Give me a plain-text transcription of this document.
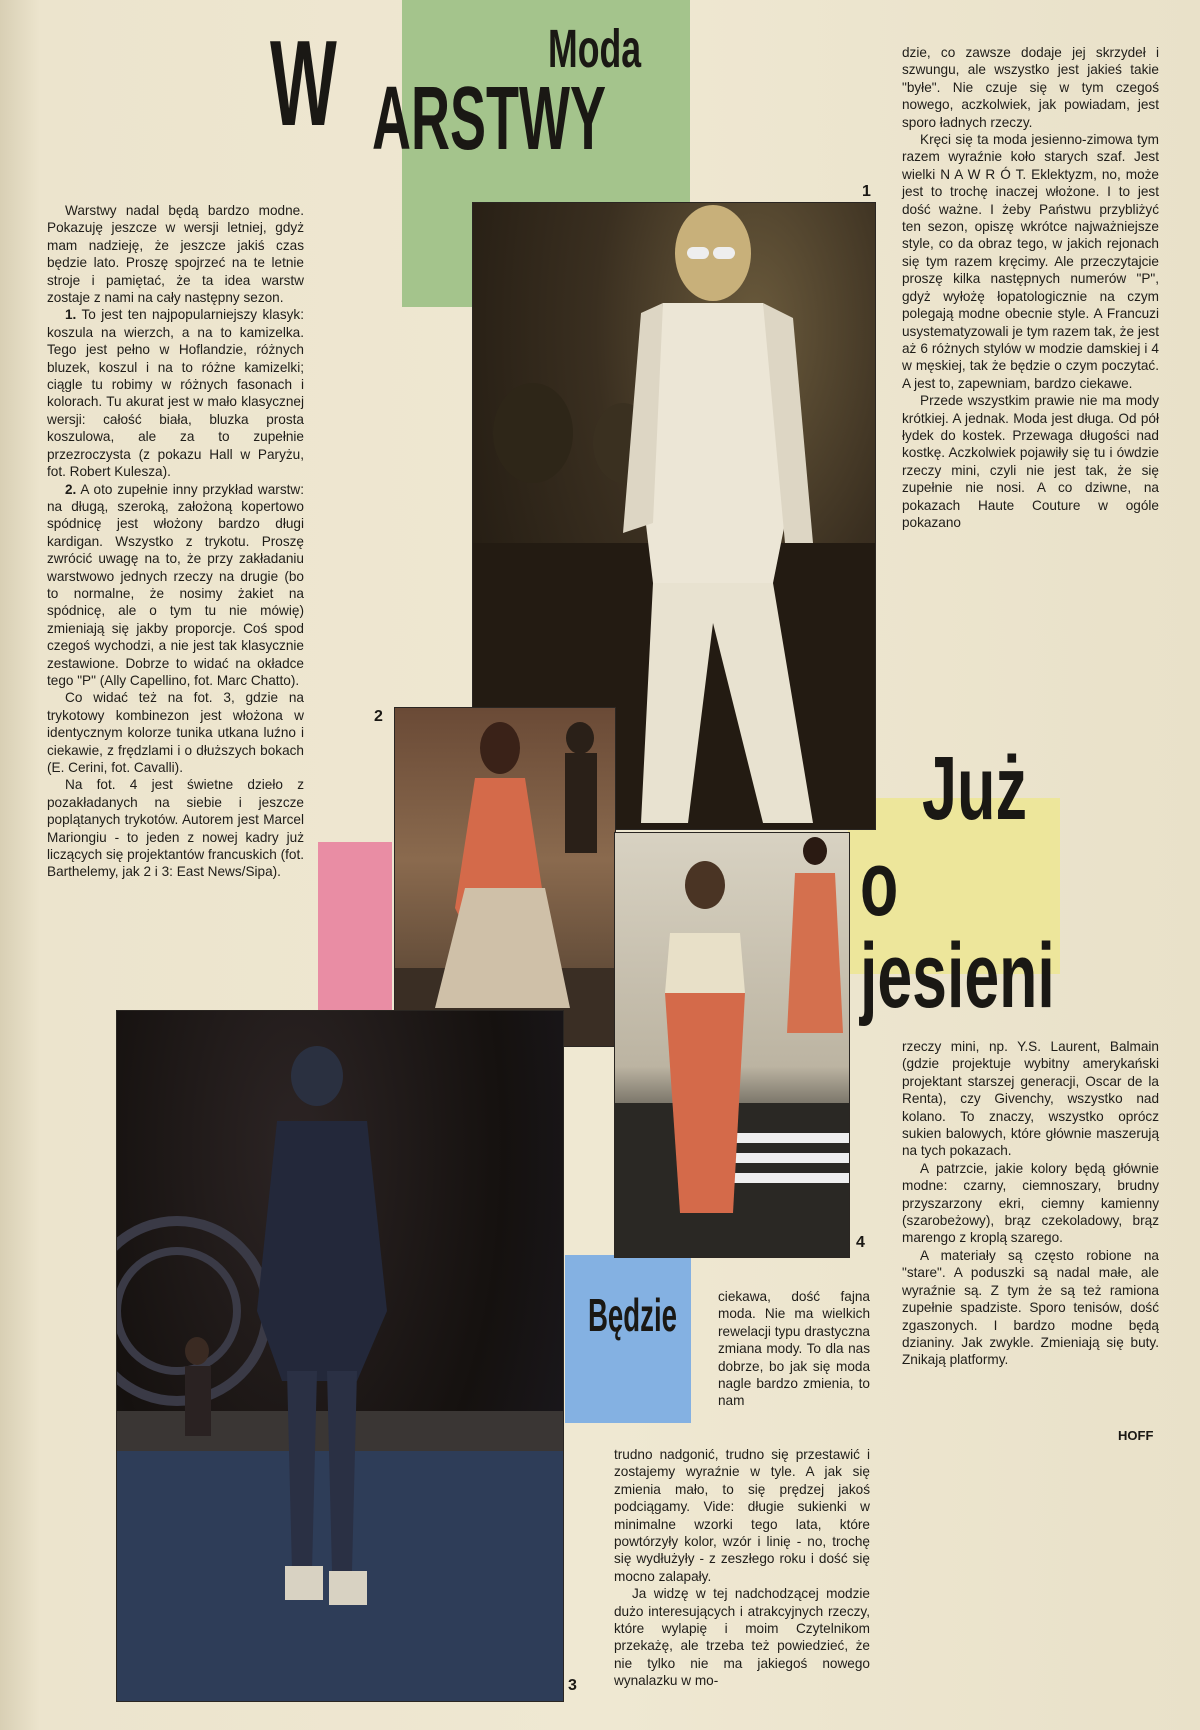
Moda
W ARSTWY

Warstwy nadal będą bardzo modne. Pokazuję jeszcze w wersji letniej, gdyż mam nadzieję, że jeszcze jakiś czas będzie lato. Proszę spojrzeć na te letnie stroje i pamiętać, że ta idea warstw zostaje z nami na cały następny sezon.

1. To jest ten najpopularniejszy klasyk: koszula na wierzch, a na to kamizelka. Tego jest pełno w Hoflandzie, różnych bluzek, koszul i na to różne kamizelki; ciągle tu robimy w różnych fasonach i kolorach. Tu akurat jest w mało klasycznej wersji: całość biała, bluzka prosta koszulowa, ale za to zupełnie przezroczysta (z pokazu Hall w Paryżu, fot. Robert Kulesza).

2. A oto zupełnie inny przykład warstw: na długą, szeroką, założoną kopertowo spódnicę jest włożony bardzo długi kardigan. Wszystko z trykotu. Proszę zwrócić uwagę na to, że przy zakładaniu warstwowo jednych rzeczy na drugie (bo to normalne, że nosimy żakiet na spódnicę, ale o tym tu nie mówię) zmieniają się jakby proporcje. Coś spod czegoś wychodzi, a nie jest tak klasycznie zestawione. Dobrze to widać na okładce tego "P" (Ally Capellino, fot. Marc Chatto).

Co widać też na fot. 3, gdzie na trykotowy kombinezon jest włożona w identycznym kolorze tunika utkana luźno i ciekawie, z frędzlami i o dłuższych bokach (E. Cerini, fot. Cavalli).

Na fot. 4 jest świetne dzieło z pozakładanych na siebie i jeszcze poplątanych trykotów. Autorem jest Marcel Mariongiu - to jeden z nowej kadry już liczących się projektantów francuskich (fot. Barthelemy, jak 2 i 3: East News/Sipa).

dzie, co zawsze dodaje jej skrzydeł i szwungu, ale wszystko jest jakieś takie "byłe". Nie czuje się w tym czegoś nowego, aczkolwiek, jak powiadam, jest sporo ładnych rzeczy.

Kręci się ta moda jesienno-zimowa tym razem wyraźnie koło starych szaf. Jest wielki N A W R Ó T. Eklektyzm, no, może jest to trochę inaczej włożone. I to jest dość ważne. I żeby Państwu przybliżyć ten sezon, opiszę wkrótce najważniejsze style, co da obraz tego, w jakich rejonach się tym razem kręcimy. Ale przeczytajcie proszę kilka następnych numerów "P", gdyż wyłożę łopatologicznie na czym polegają modne obecnie style. A Francuzi usystematyzowali je tym razem tak, że jest aż 6 różnych stylów w modzie damskiej i 4 w męskiej, tak że będzie o czym poczytać. A jest to, zapewniam, bardzo ciekawe.

Przede wszystkim prawie nie ma mody krótkiej. A jednak. Moda jest długa. Od pół łydek do kostek. Przewaga długości nad kostkę. Aczkolwiek pojawiły się tu i ówdzie rzeczy mini, czyli nie jest tak, że się zupełnie nie nosi. A co dziwne, na pokazach Haute Couture w ogóle pokazano

1
2
4
3
Już
o jesieni

rzeczy mini, np. Y.S. Laurent, Balmain (gdzie projektuje wybitny amerykański projektant starszej generacji, Oscar de la Renta), czy Givenchy, wszystko nad kolano. To znaczy, wszystko oprócz sukien balowych, które głównie maszerują na tych pokazach.

A patrzcie, jakie kolory będą głównie modne: czarny, ciemnoszary, brudny przyszarzony ekri, ciemny kamienny (szarobeżowy), brąz czekoladowy, brąz marengo z kroplą szarego.

A materiały są często robione na "stare". A poduszki są nadal małe, ale wyraźnie są. Z tym że są też ramiona zupełnie spadziste. Sporo tenisów, dość zgaszonych. I bardzo modne będą dzianiny. Jak zwykle. Zmieniają się buty. Znikają platformy.

HOFF
Będzie	ciekawa, dość fajna moda. Nie ma wielkich rewelacji typu drastyczna zmiana mody. To dla nas dobrze, bo jak się moda nagle bardzo zmienia, to nam

trudno nadgonić, trudno się przestawić i zostajemy wyraźnie w tyle. A jak się zmienia mało, to się prędzej jakoś podciągamy. Vide: długie sukienki w minimalne wzorki tego lata, które powtórzyły kolor, wzór i linię - no, trochę się wydłużyły - z zeszłego roku i dość się mocno zalapały.

Ja widzę w tej nadchodzącej modzie dużo interesujących i atrakcyjnych rzeczy, które wylapię i moim Czytelnikom przekażę, ale trzeba też powiedzieć, że nie tylko nie ma jakiegoś nowego wynalazku w mo-
